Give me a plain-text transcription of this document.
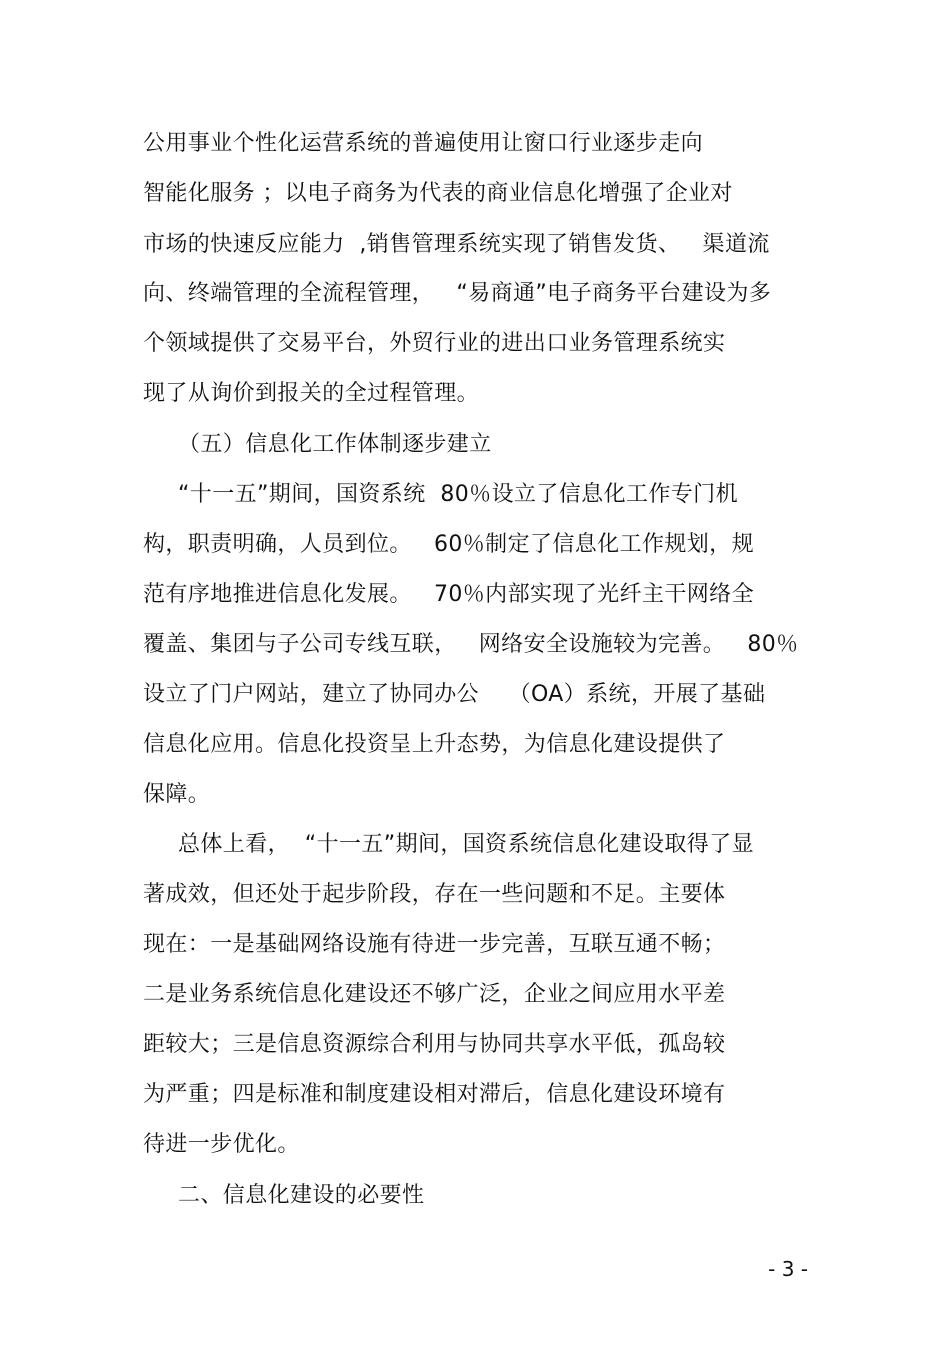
公用事业个性化运营系统的普遍使用让窗口行业逐步走向
智能化服务 ；以电子商务为代表的商业信息化增强了企业对
市场的快速反应能力  ,销售管理系统实现了销售发货、   渠道流
向、终端管理的全流程管理，   “易商通”电子商务平台建设为多
个领域提供了交易平台，外贸行业的进出口业务管理系统实
现了从询价到报关的全过程管理。
（五）信息化工作体制逐步建立
“十一五”期间，国资系统  80％设立了信息化工作专门机
构，职责明确，人员到位。   60％制定了信息化工作规划，规
范有序地推进信息化发展。   70％内部实现了光纤主干网络全
覆盖、集团与子公司专线互联，   网络安全设施较为完善。   80％
设立了门户网站，建立了协同办公    （OA）系统，开展了基础
信息化应用。信息化投资呈上升态势，为信息化建设提供了
保障。
总体上看，  “十一五”期间，国资系统信息化建设取得了显
著成效，但还处于起步阶段，存在一些问题和不足。主要体
现在：一是基础网络设施有待进一步完善，互联互通不畅；
二是业务系统信息化建设还不够广泛，企业之间应用水平差
距较大；三是信息资源综合利用与协同共享水平低，孤岛较
为严重；四是标准和制度建设相对滞后，信息化建设环境有
待进一步优化。
二、信息化建设的必要性
- 3 -
